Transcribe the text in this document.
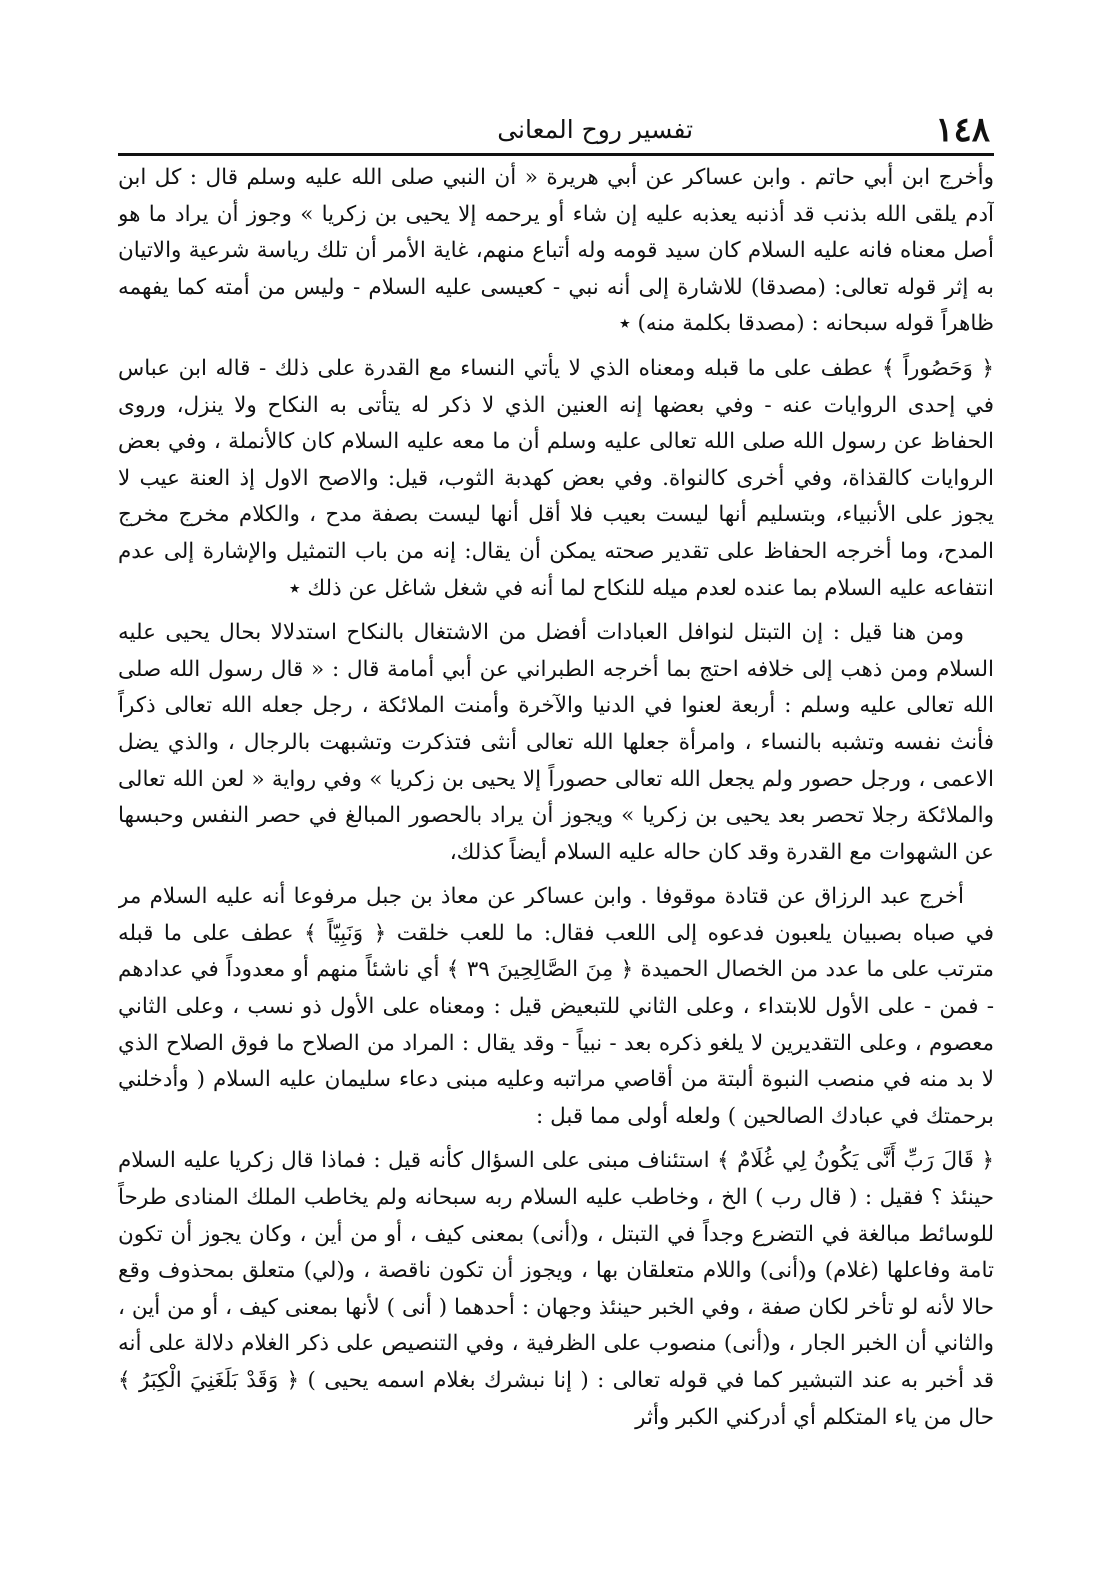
١٤٨
تفسير روح المعانى

وأخرج ابن أبي حاتم . وابن عساكر عن أبي هريرة « أن النبي صلى الله عليه وسلم قال : كل ابن آدم يلقى الله بذنب قد أذنبه يعذبه عليه إن شاء أو يرحمه إلا يحيى بن زكريا » وجوز أن يراد ما هو أصل معناه فانه عليه السلام كان سيد قومه وله أتباع منهم، غاية الأمر أن تلك رياسة شرعية والاتيان به إثر قوله تعالى: (مصدقا) للاشارة إلى أنه نبي - كعيسى عليه السلام - وليس من أمته كما يفهمه ظاهراً قوله سبحانه : (مصدقا بكلمة منه) ٭

﴿ وَحَصُوراً ﴾ عطف على ما قبله ومعناه الذي لا يأتي النساء مع القدرة على ذلك - قاله ابن عباس في إحدى الروايات عنه - وفي بعضها إنه العنين الذي لا ذكر له يتأتى به النكاح ولا ينزل، وروى الحفاظ عن رسول الله صلى الله تعالى عليه وسلم أن ما معه عليه السلام كان كالأنملة ، وفي بعض الروايات كالقذاة، وفي أخرى كالنواة. وفي بعض كهدبة الثوب، قيل: والاصح الاول إذ العنة عيب لا يجوز على الأنبياء، وبتسليم أنها ليست بعيب فلا أقل أنها ليست بصفة مدح ، والكلام مخرج مخرج المدح، وما أخرجه الحفاظ على تقدير صحته يمكن أن يقال: إنه من باب التمثيل والإشارة إلى عدم انتفاعه عليه السلام بما عنده لعدم ميله للنكاح لما أنه في شغل شاغل عن ذلك ٭

ومن هنا قيل : إن التبتل لنوافل العبادات أفضل من الاشتغال بالنكاح استدلالا بحال يحيى عليه السلام ومن ذهب إلى خلافه احتج بما أخرجه الطبراني عن أبي أمامة قال : « قال رسول الله صلى الله تعالى عليه وسلم : أربعة لعنوا في الدنيا والآخرة وأمنت الملائكة ، رجل جعله الله تعالى ذكراً فأنث نفسه وتشبه بالنساء ، وامرأة جعلها الله تعالى أنثى فتذكرت وتشبهت بالرجال ، والذي يضل الاعمى ، ورجل حصور ولم يجعل الله تعالى حصوراً إلا يحيى بن زكريا » وفي رواية « لعن الله تعالى والملائكة رجلا تحصر بعد يحيى بن زكريا » ويجوز أن يراد بالحصور المبالغ في حصر النفس وحبسها عن الشهوات مع القدرة وقد كان حاله عليه السلام أيضاً كذلك،

أخرج عبد الرزاق عن قتادة موقوفا . وابن عساكر عن معاذ بن جبل مرفوعا أنه عليه السلام مر في صباه بصبيان يلعبون فدعوه إلى اللعب فقال: ما للعب خلقت ﴿ وَنَبِيّاً ﴾ عطف على ما قبله مترتب على ما عدد من الخصال الحميدة ﴿ مِنَ الصَّالِحِينَ ٣٩ ﴾ أي ناشئاً منهم أو معدوداً في عدادهم - فمن - على الأول للابتداء ، وعلى الثاني للتبعيض قيل : ومعناه على الأول ذو نسب ، وعلى الثاني معصوم ، وعلى التقديرين لا يلغو ذكره بعد - نبياً - وقد يقال : المراد من الصلاح ما فوق الصلاح الذي لا بد منه في منصب النبوة ألبتة من أقاصي مراتبه وعليه مبنى دعاء سليمان عليه السلام ( وأدخلني برحمتك في عبادك الصالحين ) ولعله أولى مما قبل :

﴿ قَالَ رَبِّ أَنَّى يَكُونُ لِي غُلَامٌ ﴾ استئناف مبنى على السؤال كأنه قيل : فماذا قال زكريا عليه السلام حينئذ ؟ فقيل : ( قال رب ) الخ ، وخاطب عليه السلام ربه سبحانه ولم يخاطب الملك المنادى طرحاً للوسائط مبالغة في التضرع وجداً في التبتل ، و(أنى) بمعنى كيف ، أو من أين ، وكان يجوز أن تكون تامة وفاعلها (غلام) و(أنى) واللام متعلقان بها ، ويجوز أن تكون ناقصة ، و(لي) متعلق بمحذوف وقع حالا لأنه لو تأخر لكان صفة ، وفي الخبر حينئذ وجهان : أحدهما ( أنى ) لأنها بمعنى كيف ، أو من أين ، والثاني أن الخبر الجار ، و(أنى) منصوب على الظرفية ، وفي التنصيص على ذكر الغلام دلالة على أنه قد أخبر به عند التبشير كما في قوله تعالى : ( إنا نبشرك بغلام اسمه يحيى ) ﴿ وَقَدْ بَلَغَنِيَ الْكِبَرُ ﴾ حال من ياء المتكلم أي أدركني الكبر وأثر
